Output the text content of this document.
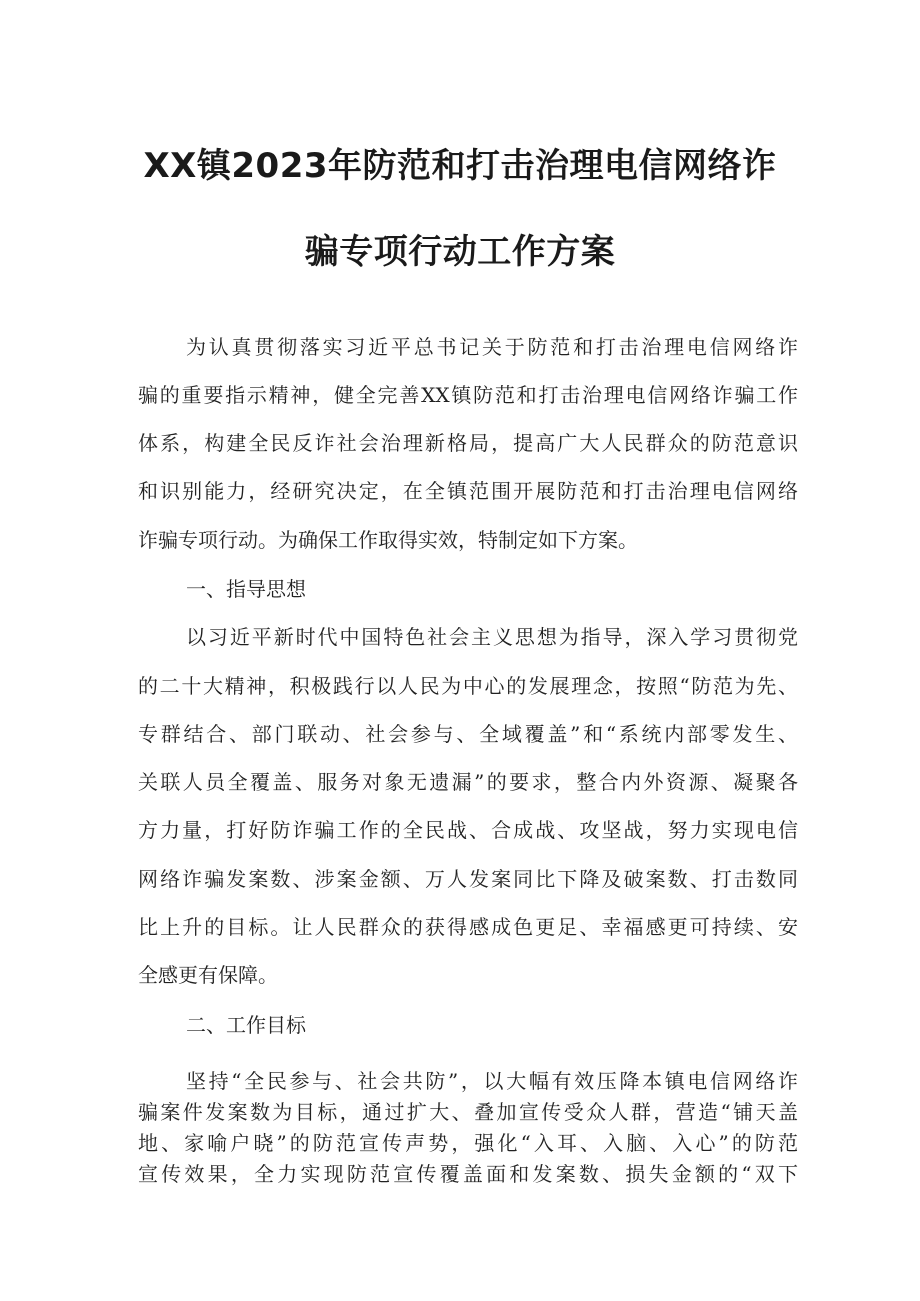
XX镇2023年防范和打击治理电信网络诈
骗专项行动工作方案
为认真贯彻落实习近平总书记关于防范和打击治理电信网络诈
骗的重要指示精神，健全完善XX镇防范和打击治理电信网络诈骗工作
体系，构建全民反诈社会治理新格局，提高广大人民群众的防范意识
和识别能力，经研究决定，在全镇范围开展防范和打击治理电信网络
诈骗专项行动。为确保工作取得实效，特制定如下方案。
一、指导思想
以习近平新时代中国特色社会主义思想为指导，深入学习贯彻党
的二十大精神，积极践行以人民为中心的发展理念，按照“防范为先、
专群结合、部门联动、社会参与、全域覆盖”和“系统内部零发生、
关联人员全覆盖、服务对象无遗漏”的要求，整合内外资源、凝聚各
方力量，打好防诈骗工作的全民战、合成战、攻坚战，努力实现电信
网络诈骗发案数、涉案金额、万人发案同比下降及破案数、打击数同
比上升的目标。让人民群众的获得感成色更足、幸福感更可持续、安
全感更有保障。
二、工作目标
坚持“全民参与、社会共防”，以大幅有效压降本镇电信网络诈
骗案件发案数为目标，通过扩大、叠加宣传受众人群，营造“铺天盖
地、家喻户晓”的防范宣传声势，强化“入耳、入脑、入心”的防范
宣传效果，全力实现防范宣传覆盖面和发案数、损失金额的“双下
